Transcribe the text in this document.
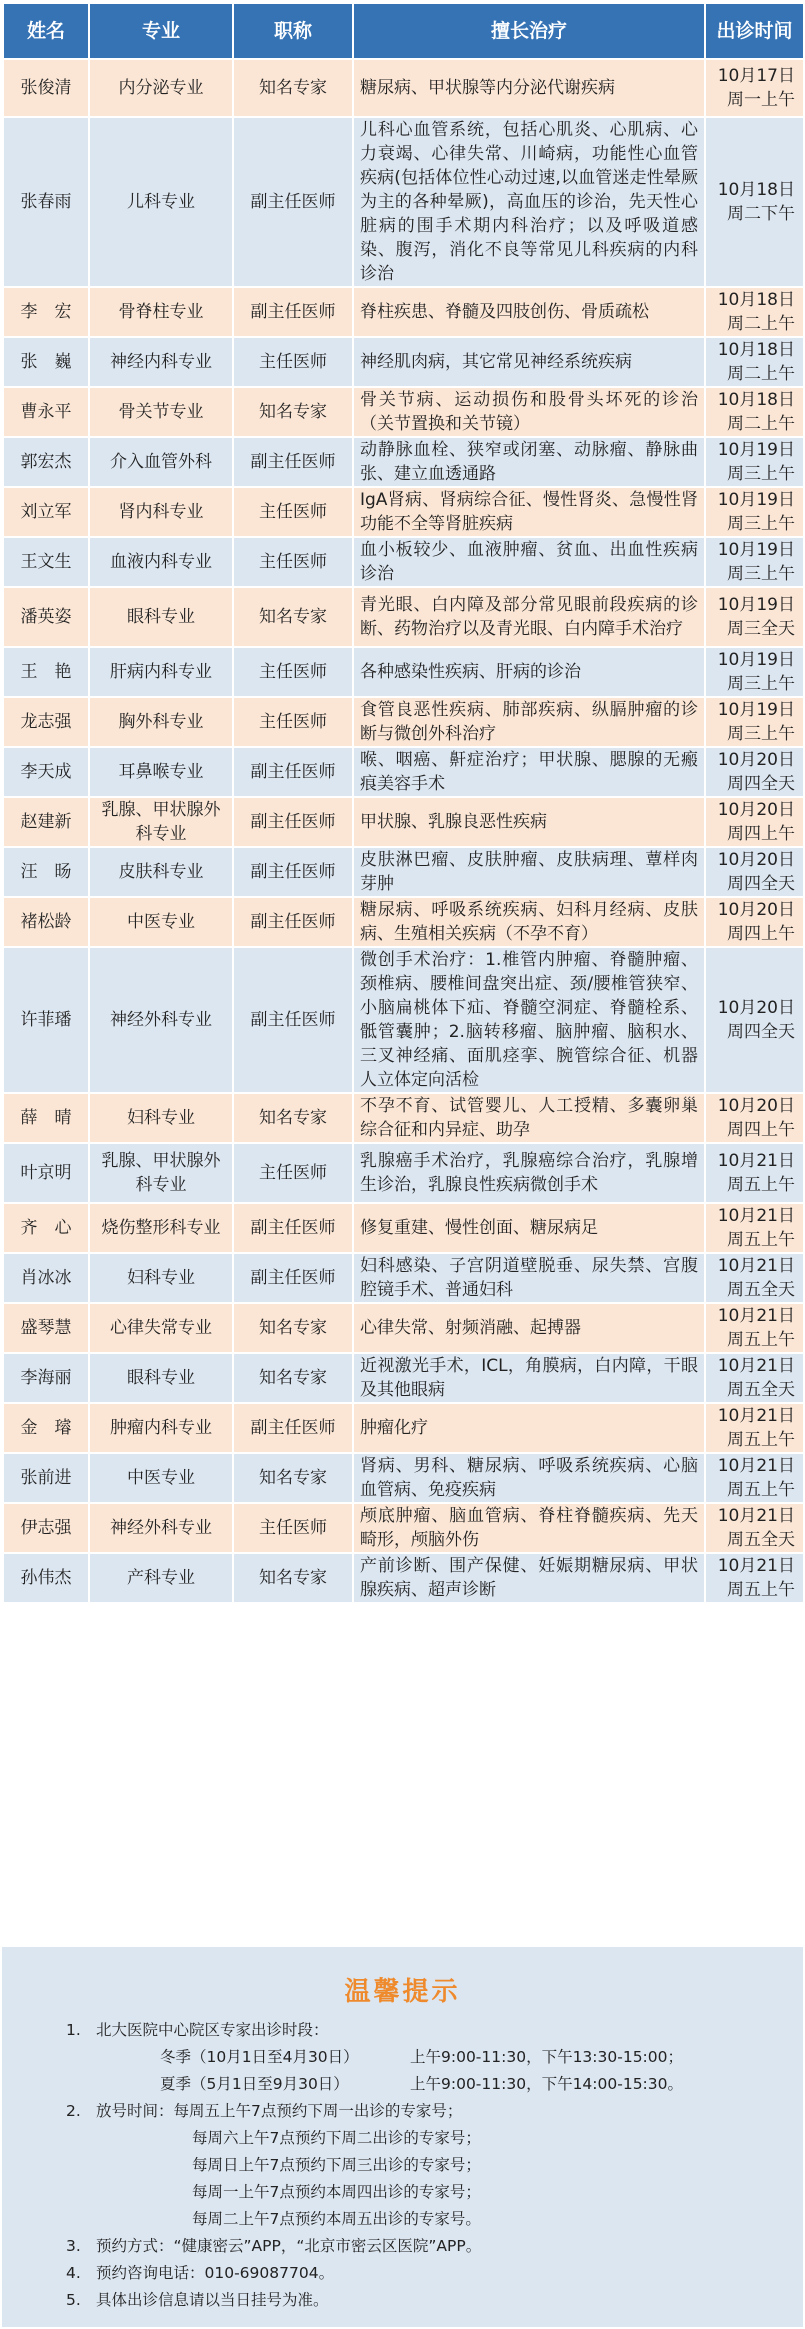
姓名	专业	职称	擅长治疗	出诊时间
张俊清	内分泌专业	知名专家	糖尿病、甲状腺等内分泌代谢疾病	10月17日
周一上午

张春雨	儿科专业	副主任医师	儿科心血管系统，包括心肌炎、心肌病、心力衰竭、心律失常、川崎病，功能性心血管疾病(包括体位性心动过速,以血管迷走性晕厥为主的各种晕厥)，高血压的诊治，先天性心脏病的围手术期内科治疗；以及呼吸道感染、腹泻，消化不良等常见儿科疾病的内科诊治	10月18日
周二下午

李　宏	骨脊柱专业	副主任医师	脊柱疾患、脊髓及四肢创伤、骨质疏松	10月18日
周二上午

张　巍	神经内科专业	主任医师	神经肌肉病，其它常见神经系统疾病	10月18日
周二上午

曹永平	骨关节专业	知名专家	骨关节病、运动损伤和股骨头坏死的诊治（关节置换和关节镜）	10月18日
周二上午

郭宏杰	介入血管外科	副主任医师	动静脉血栓、狭窄或闭塞、动脉瘤、静脉曲张、建立血透通路	10月19日
周三上午

刘立军	肾内科专业	主任医师	IgA肾病、肾病综合征、慢性肾炎、急慢性肾功能不全等肾脏疾病	10月19日
周三上午

王文生	血液内科专业	主任医师	血小板较少、血液肿瘤、贫血、出血性疾病诊治	10月19日
周三上午

潘英姿	眼科专业	知名专家	青光眼、白内障及部分常见眼前段疾病的诊断、药物治疗以及青光眼、白内障手术治疗	10月19日
周三全天

王　艳	肝病内科专业	主任医师	各种感染性疾病、肝病的诊治	10月19日
周三上午

龙志强	胸外科专业	主任医师	食管良恶性疾病、肺部疾病、纵膈肿瘤的诊断与微创外科治疗	10月19日
周三上午

李天成	耳鼻喉专业	副主任医师	喉、咽癌、鼾症治疗；甲状腺、腮腺的无瘢痕美容手术	10月20日
周四全天

赵建新	乳腺、甲状腺外科专业	副主任医师	甲状腺、乳腺良恶性疾病	10月20日
周四上午

汪　旸	皮肤科专业	副主任医师	皮肤淋巴瘤、皮肤肿瘤、皮肤病理、蕈样肉芽肿	10月20日
周四全天

褚松龄	中医专业	副主任医师	糖尿病、呼吸系统疾病、妇科月经病、皮肤病、生殖相关疾病（不孕不育）	10月20日
周四上午

许菲璠	神经外科专业	副主任医师	微创手术治疗：1.椎管内肿瘤、脊髓肿瘤、颈椎病、腰椎间盘突出症、颈/腰椎管狭窄、小脑扁桃体下疝、脊髓空洞症、脊髓栓系、骶管囊肿；2.脑转移瘤、脑肿瘤、脑积水、三叉神经痛、面肌痉挛、腕管综合征、机器人立体定向活检	10月20日
周四全天

薛　晴	妇科专业	知名专家	不孕不育、试管婴儿、人工授精、多囊卵巢综合征和内异症、助孕	10月20日
周四上午

叶京明	乳腺、甲状腺外科专业	主任医师	乳腺癌手术治疗，乳腺癌综合治疗，乳腺增生诊治，乳腺良性疾病微创手术	10月21日
周五上午

齐　心	烧伤整形科专业	副主任医师	修复重建、慢性创面、糖尿病足	10月21日
周五上午

肖冰冰	妇科专业	副主任医师	妇科感染、子宫阴道壁脱垂、尿失禁、宫腹腔镜手术、普通妇科	10月21日
周五全天

盛琴慧	心律失常专业	知名专家	心律失常、射频消融、起搏器	10月21日
周五上午

李海丽	眼科专业	知名专家	近视激光手术，ICL，角膜病，白内障，干眼及其他眼病	10月21日
周五全天

金　璿	肿瘤内科专业	副主任医师	肿瘤化疗	10月21日
周五上午

张前进	中医专业	知名专家	肾病、男科、糖尿病、呼吸系统疾病、心脑血管病、免疫疾病	10月21日
周五上午

伊志强	神经外科专业	主任医师	颅底肿瘤、脑血管病、脊柱脊髓疾病、先天畸形，颅脑外伤	10月21日
周五全天

孙伟杰	产科专业	知名专家	产前诊断、围产保健、妊娠期糖尿病、甲状腺疾病、超声诊断	10月21日
周五上午
温馨提示
1. 北大医院中心院区专家出诊时段：
冬季（10月1日至4月30日）	上午9:00-11:30，下午13:30-15:00；
夏季（5月1日至9月30日）	上午9:00-11:30，下午14:00-15:30。
2. 放号时间：每周五上午7点预约下周一出诊的专家号；
每周六上午7点预约下周二出诊的专家号；
每周日上午7点预约下周三出诊的专家号；
每周一上午7点预约本周四出诊的专家号；
每周二上午7点预约本周五出诊的专家号。
3. 预约方式：“健康密云”APP，“北京市密云区医院”APP。
4. 预约咨询电话：010-69087704。
5. 具体出诊信息请以当日挂号为准。
